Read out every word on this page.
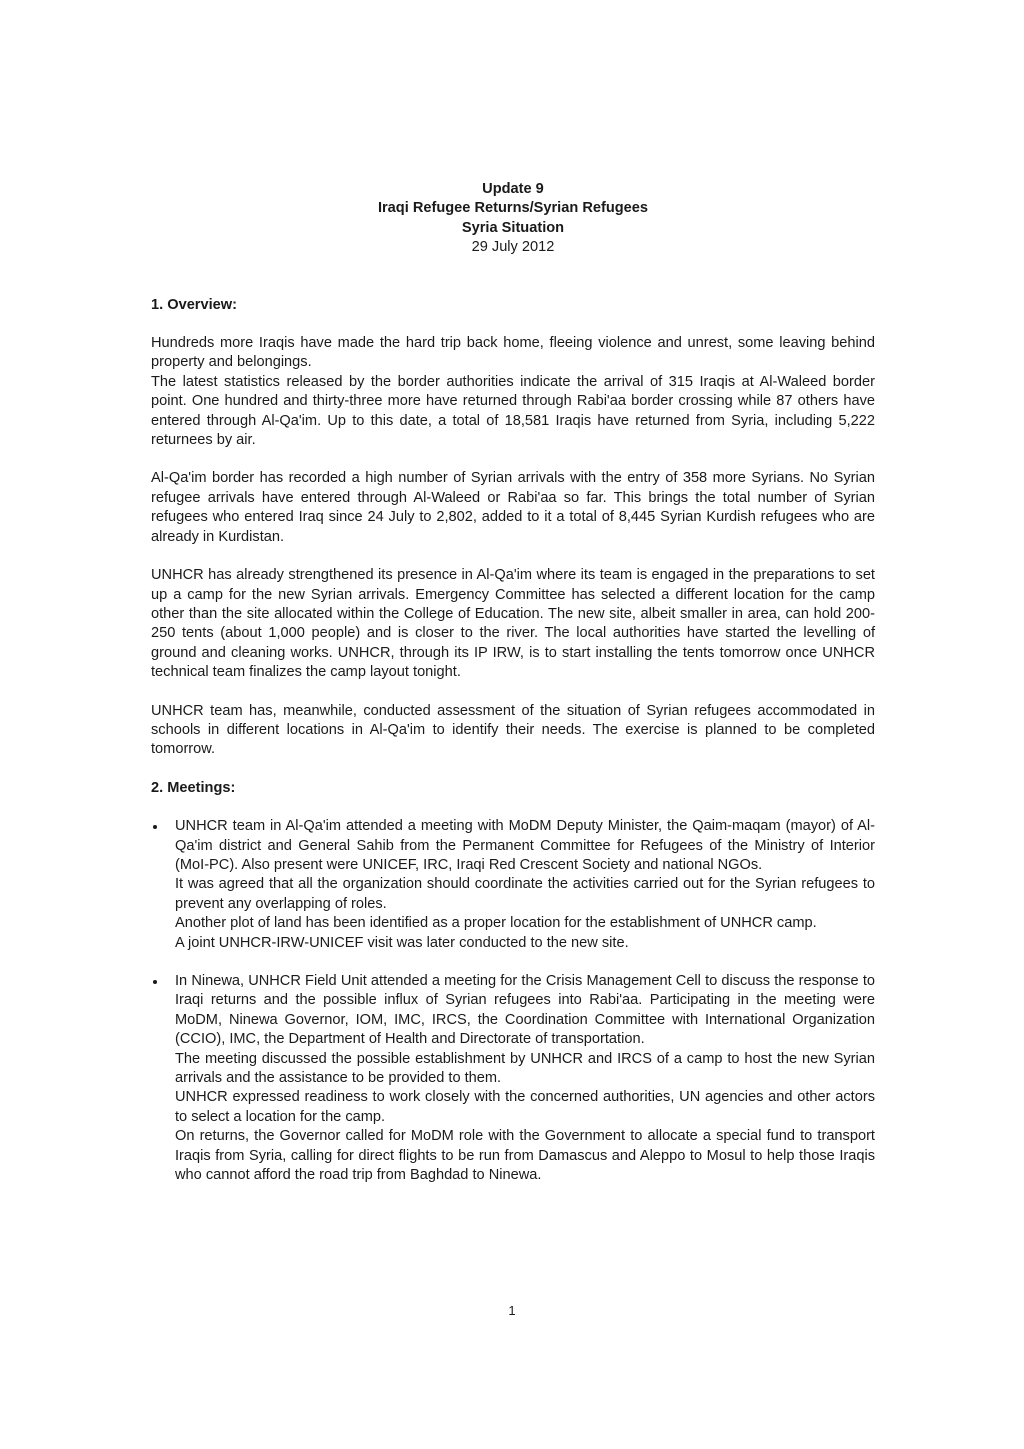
Update 9
Iraqi Refugee Returns/Syrian Refugees
Syria Situation
29 July 2012
1. Overview:

Hundreds more Iraqis have made the hard trip back home, fleeing violence and unrest, some leaving behind property and belongings.

The latest statistics released by the border authorities indicate the arrival of 315 Iraqis at Al-Waleed border point. One hundred and thirty-three more have returned through Rabi'aa border crossing while 87 others have entered through Al-Qa'im. Up to this date, a total of 18,581 Iraqis have returned from Syria, including 5,222 returnees by air.

Al-Qa'im border has recorded a high number of Syrian arrivals with the entry of 358 more Syrians. No Syrian refugee arrivals have entered through Al-Waleed or Rabi'aa so far. This brings the total number of Syrian refugees who entered Iraq since 24 July to 2,802, added to it a total of 8,445 Syrian Kurdish refugees who are already in Kurdistan.

UNHCR has already strengthened its presence in Al-Qa'im where its team is engaged in the preparations to set up a camp for the new Syrian arrivals. Emergency Committee has selected a different location for the camp other than the site allocated within the College of Education. The new site, albeit smaller in area, can hold 200-250 tents (about 1,000 people) and is closer to the river. The local authorities have started the levelling of ground and cleaning works. UNHCR, through its IP IRW, is to start installing the tents tomorrow once UNHCR technical team finalizes the camp layout tonight.

UNHCR team has, meanwhile, conducted assessment of the situation of Syrian refugees accommodated in schools in different locations in Al-Qa'im to identify their needs. The exercise is planned to be completed tomorrow.

2. Meetings:

UNHCR team in Al-Qa'im attended a meeting with MoDM Deputy Minister, the Qaim-maqam (mayor) of Al-Qa'im district and General Sahib from the Permanent Committee for Refugees of the Ministry of Interior (MoI-PC). Also present were UNICEF, IRC, Iraqi Red Crescent Society and national NGOs.

It was agreed that all the organization should coordinate the activities carried out for the Syrian refugees to prevent any overlapping of roles.

Another plot of land has been identified as a proper location for the establishment of UNHCR camp.

A joint UNHCR-IRW-UNICEF visit was later conducted to the new site.

In Ninewa, UNHCR Field Unit attended a meeting for the Crisis Management Cell to discuss the response to Iraqi returns and the possible influx of Syrian refugees into Rabi'aa. Participating in the meeting were MoDM, Ninewa Governor, IOM, IMC, IRCS, the Coordination Committee with International Organization (CCIO), IMC, the Department of Health and Directorate of transportation.

The meeting discussed the possible establishment by UNHCR and IRCS of a camp to host the new Syrian arrivals and the assistance to be provided to them.

UNHCR expressed readiness to work closely with the concerned authorities, UN agencies and other actors to select a location for the camp.

On returns, the Governor called for MoDM role with the Government to allocate a special fund to transport Iraqis from Syria, calling for direct flights to be run from Damascus and Aleppo to Mosul to help those Iraqis who cannot afford the road trip from Baghdad to Ninewa.

1
